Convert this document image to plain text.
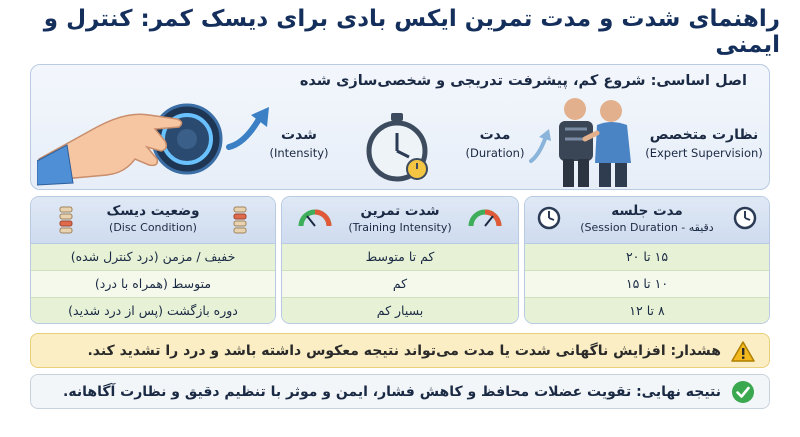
راهنمای شدت و مدت تمرین ایکس بادی برای دیسک کمر: کنترل و ایمنی
اصل اساسی: شروع کم، پیشرفت تدریجی و شخصی‌سازی شده
شدت
(Intensity)
مدت
(Duration)
نظارت متخصص
(Expert Supervision)
وضعیت دیسک
(Disc Condition)
خفیف / مزمن (درد کنترل شده)
متوسط (همراه با درد)
دوره بازگشت (پس از درد شدید)
شدت تمرین
(Training Intensity)
کم تا متوسط
کم
بسیار کم
مدت جلسه
(Session Duration - دقیقه
۱۵ تا ۲۰
۱۰ تا ۱۵
۸ تا ۱۲
هشدار: افزایش ناگهانی شدت یا مدت می‌تواند نتیجه معکوس داشته باشد و درد را تشدید کند.
نتیجه نهایی: تقویت عضلات محافظ و کاهش فشار، ایمن و موثر با تنظیم دقیق و نظارت آگاهانه.
